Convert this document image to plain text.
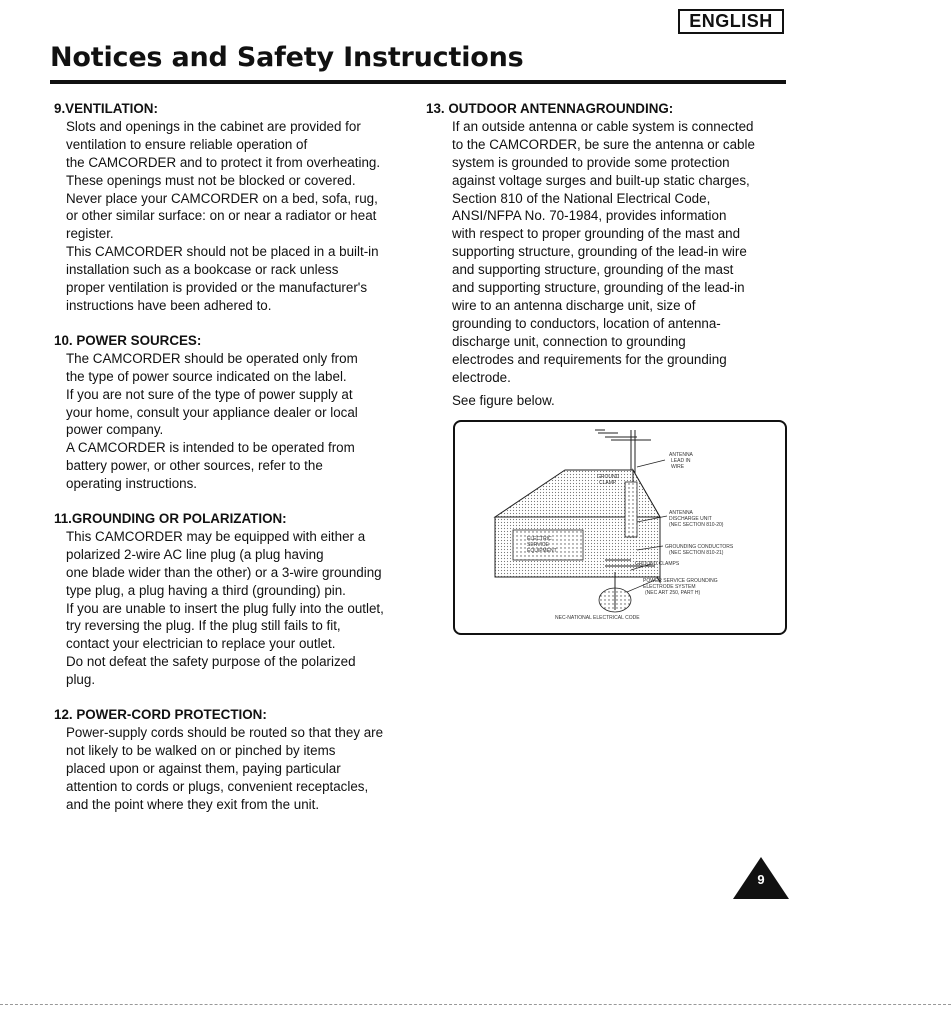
ENGLISH
Notices and Safety Instructions
9.VENTILATION:
Slots and openings in the cabinet are provided for
ventilation to ensure reliable operation of
the CAMCORDER and to protect it from overheating.
These openings must not be blocked or covered.
Never place your CAMCORDER on a bed, sofa, rug,
or other similar surface: on or near a radiator or heat
register.
This CAMCORDER should not be placed in a built-in
installation such as a bookcase or rack unless
proper ventilation is provided or the manufacturer's
instructions have been adhered to.
10. POWER SOURCES:
The CAMCORDER should be operated only from
the type of power source indicated on the label.
If you are not sure of the type of power supply at
your home, consult your appliance dealer or local
power company.
A CAMCORDER is intended to be operated from
battery power, or other sources, refer to the
operating instructions.
11.GROUNDING OR POLARIZATION:
This CAMCORDER may be equipped with either a
polarized 2-wire AC line plug (a plug having
one blade wider than the other) or a 3-wire grounding
type plug, a plug having a third (grounding) pin.
If you are unable to insert the plug fully into the outlet,
try reversing the plug. If the plug still fails to fit,
contact your electrician to replace your outlet.
Do not defeat the safety purpose of the polarized
plug.
12. POWER-CORD PROTECTION:
Power-supply cords should be routed so that they are
not likely to be walked on or pinched by items
placed upon or against them, paying particular
attention to cords or plugs, convenient receptacles,
and the point where they exit from the unit.
13. OUTDOOR ANTENNAGROUNDING:
If an outside antenna or cable system is connected
to the CAMCORDER, be sure the antenna or cable
system is grounded to provide some protection
against voltage surges and built-up static charges,
Section 810 of the National Electrical Code,
ANSI/NFPA No. 70-1984, provides information
with respect to proper grounding of the mast and
supporting structure, grounding of the lead-in wire
and supporting structure, grounding of the mast
and supporting structure, grounding of the lead-in
wire to an antenna discharge unit, size of
grounding to conductors, location of antenna-
discharge unit, connection to grounding
electrodes and requirements for the grounding
electrode.
See figure below.
ANTENNA
LEAD IN
WIRE
GROUND
CLAMP
ANTENNA
DISCHARGE UNIT
(NEC SECTION 810-20)
ELECTRIC
SERVICE
EQUIPMENT
GROUNDING CONDUCTORS
(NEC SECTION 810-21)
GROUND CLAMPS
POWER SERVICE GROUNDING
ELECTRODE SYSTEM
(NEC ART 250, PART H)
NEC-NATIONAL ELECTRICAL CODE
9
